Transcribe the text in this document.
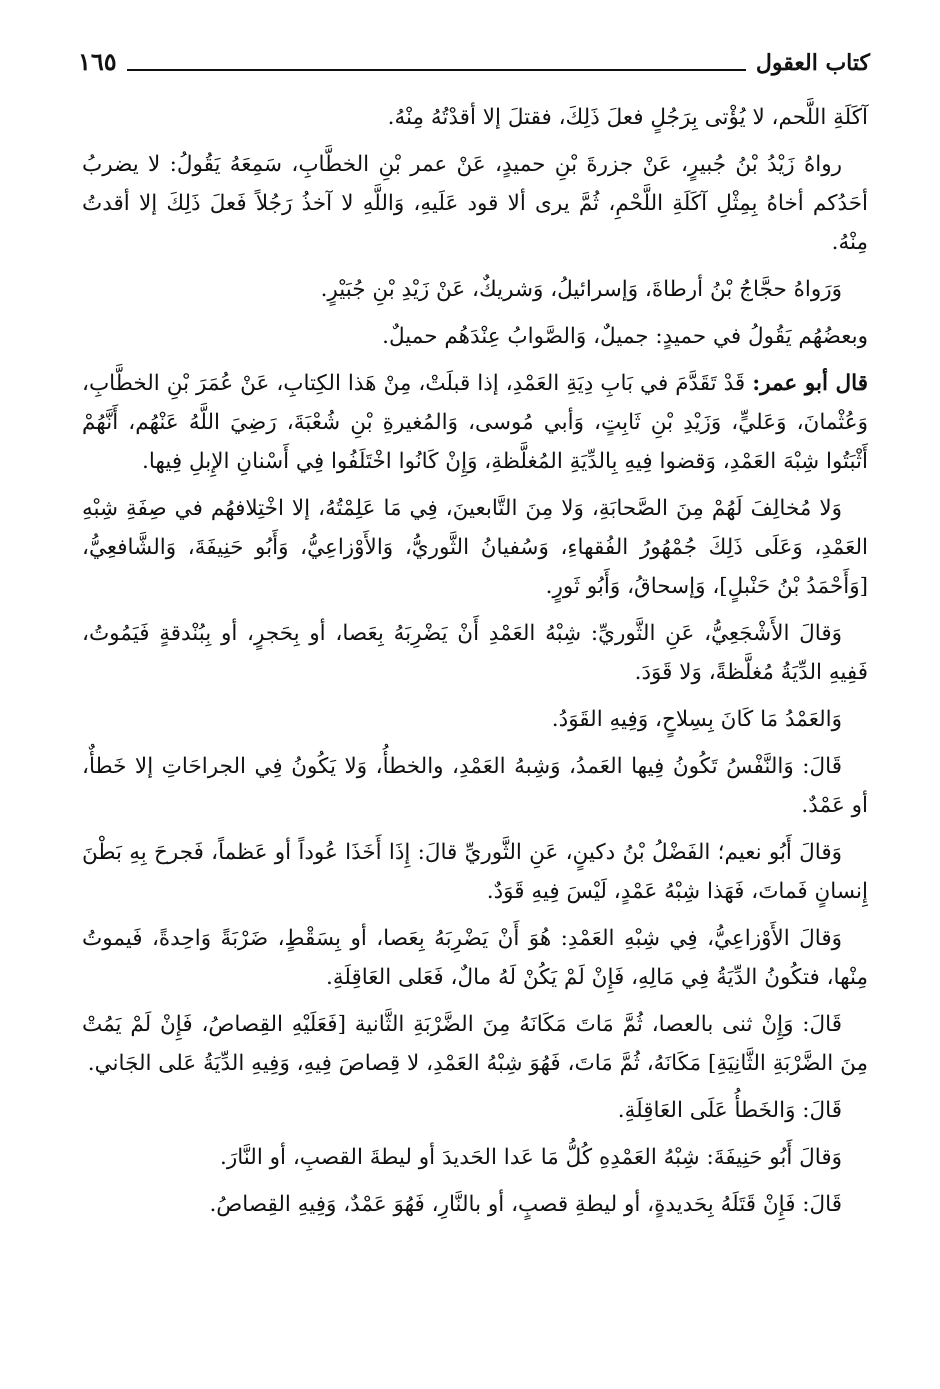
كتاب العقول
١٦٥

آكَلَةِ اللَّحم، لا يُؤْتى بِرَجُلٍ فعلَ ذَلِكَ، فقتلَ إلا أقدْتُهُ مِنْهُ.

رواهُ زَيْدُ بْنُ جُبيرٍ، عَنْ جزرةَ بْنِ حميدٍ، عَنْ عمر بْنِ الخطَّابِ، سَمِعَهُ يَقُولُ: لا يضربُ أحَدُكم أخاهُ بِمِثْلِ آكَلَةِ اللَّحْمِ، ثُمَّ يرى ألا قود عَلَيهِ، وَاللَّهِ لا آخذُ رَجُلاً فَعلَ ذَلِكَ إلا أقدتُ مِنْهُ.

وَرَواهُ حجَّاجُ بْنُ أرطاةَ، وَإسرائيلُ، وَشريكٌ، عَنْ زَيْدِ بْنِ جُبَيْرٍ.

وبعضُهُم يَقُولُ في حميدٍ: جميلٌ، وَالصَّوابُ عِنْدَهُم حميلٌ.

قال أبو عمر: قَدْ تَقَدَّمَ في بَابِ دِيَةِ العَمْدِ، إذا قبلَتْ، مِنْ هَذا الكِتابِ، عَنْ عُمَرَ بْنِ الخطَّابِ، وَعُثْمانَ، وَعَليٍّ، وَزَيْدِ بْنِ ثَابِتٍ، وَأبي مُوسى، وَالمُغيرةِ بْنِ شُعْبَةَ، رَضِيَ اللَّهُ عَنْهُم، أَنَّهُمْ أَثْبَتُوا شِبْهَ العَمْدِ، وَقضوا فِيهِ بِالدِّيَةِ المُغلَّظةِ، وَإِنْ كَانُوا اخْتَلَفُوا فِي أَسْنانِ الإِبلِ فِيها.

وَلا مُخالِفَ لَهُمْ مِنَ الصَّحابَةِ، وَلا مِنَ التَّابعينَ، فِي مَا عَلِمْتُهُ، إلا اخْتِلافهُم في صِفَةِ شِبْهِ العَمْدِ، وَعَلَى ذَلِكَ جُمْهُورُ الفُقهاءِ، وَسُفيانُ الثَّوريُّ، وَالأَوْزاعِيُّ، وَأَبُو حَنِيفَةَ، وَالشَّافعِيُّ، [وَأَحْمَدُ بْنُ حَنْبلٍ]، وَإسحاقُ، وَأَبُو ثَورٍ.

وَقالَ الأَشْجَعِيُّ، عَنِ الثَّوريِّ: شِبْهُ العَمْدِ أَنْ يَضْرِبَهُ بِعَصا، أو بِحَجرٍ، أو بِبُنْدقةٍ فَيَمُوتُ، فَفِيهِ الدِّيَةُ مُغلَّظةً، وَلا قَوَدَ.

وَالعَمْدُ مَا كَانَ بِسِلاحٍ، وَفِيهِ القَوَدُ.

قَالَ: وَالنَّفْسُ تَكُونُ فِيها العَمدُ، وَشِبهُ العَمْدِ، والخطأُ، وَلا يَكُونُ فِي الجراحَاتِ إلا خَطأٌ، أو عَمْدٌ.

وَقالَ أَبُو نعيم؛ الفَضْلُ بْنُ دكينٍ، عَنِ الثَّوريِّ قالَ: إِذَا أَخَذَا عُوداً أو عَظماً، فَجرحَ بِهِ بَطْنَ إِنسانٍ فَماتَ، فَهَذا شِبْهُ عَمْدٍ، لَيْسَ فِيهِ قَوَدٌ.

وَقالَ الأَوْزاعِيُّ، فِي شِبْهِ العَمْدِ: هُوَ أَنْ يَضْرِبَهُ بِعَصا، أو بِسَقْطٍ، ضَرْبَةً وَاحِدةً، فَيموتُ مِنْها، فتكُونُ الدِّيَةُ فِي مَالِهِ، فَإِنْ لَمْ يَكُنْ لَهُ مالٌ، فَعَلى العَاقِلَةِ.

قَالَ: وَإِنْ ثنى بالعصا، ثُمَّ مَاتَ مَكَانَهُ مِنَ الضَّرْبَةِ الثَّانية [فَعَلَيْهِ القِصاصُ، فَإِنْ لَمْ يَمُتْ مِنَ الضَّرْبَةِ الثَّانِيَةِ] مَكَانَهُ، ثُمَّ مَاتَ، فَهُوَ شِبْهُ العَمْدِ، لا قِصاصَ فِيهِ، وَفِيهِ الدِّيَةُ عَلى الجَاني.

قَالَ: وَالخَطأُ عَلَى العَاقِلَةِ.

وَقالَ أَبُو حَنِيفَةَ: شِبْهُ العَمْدِهِ كُلُّ مَا عَدا الحَديدَ أو ليطةَ القصبِ، أو النَّارَ.

قَالَ: فَإِنْ قَتَلَهُ بِحَديدةٍ، أو ليطةِ قصبٍ، أو بالنَّارِ، فَهُوَ عَمْدٌ، وَفِيهِ القِصاصُ.
